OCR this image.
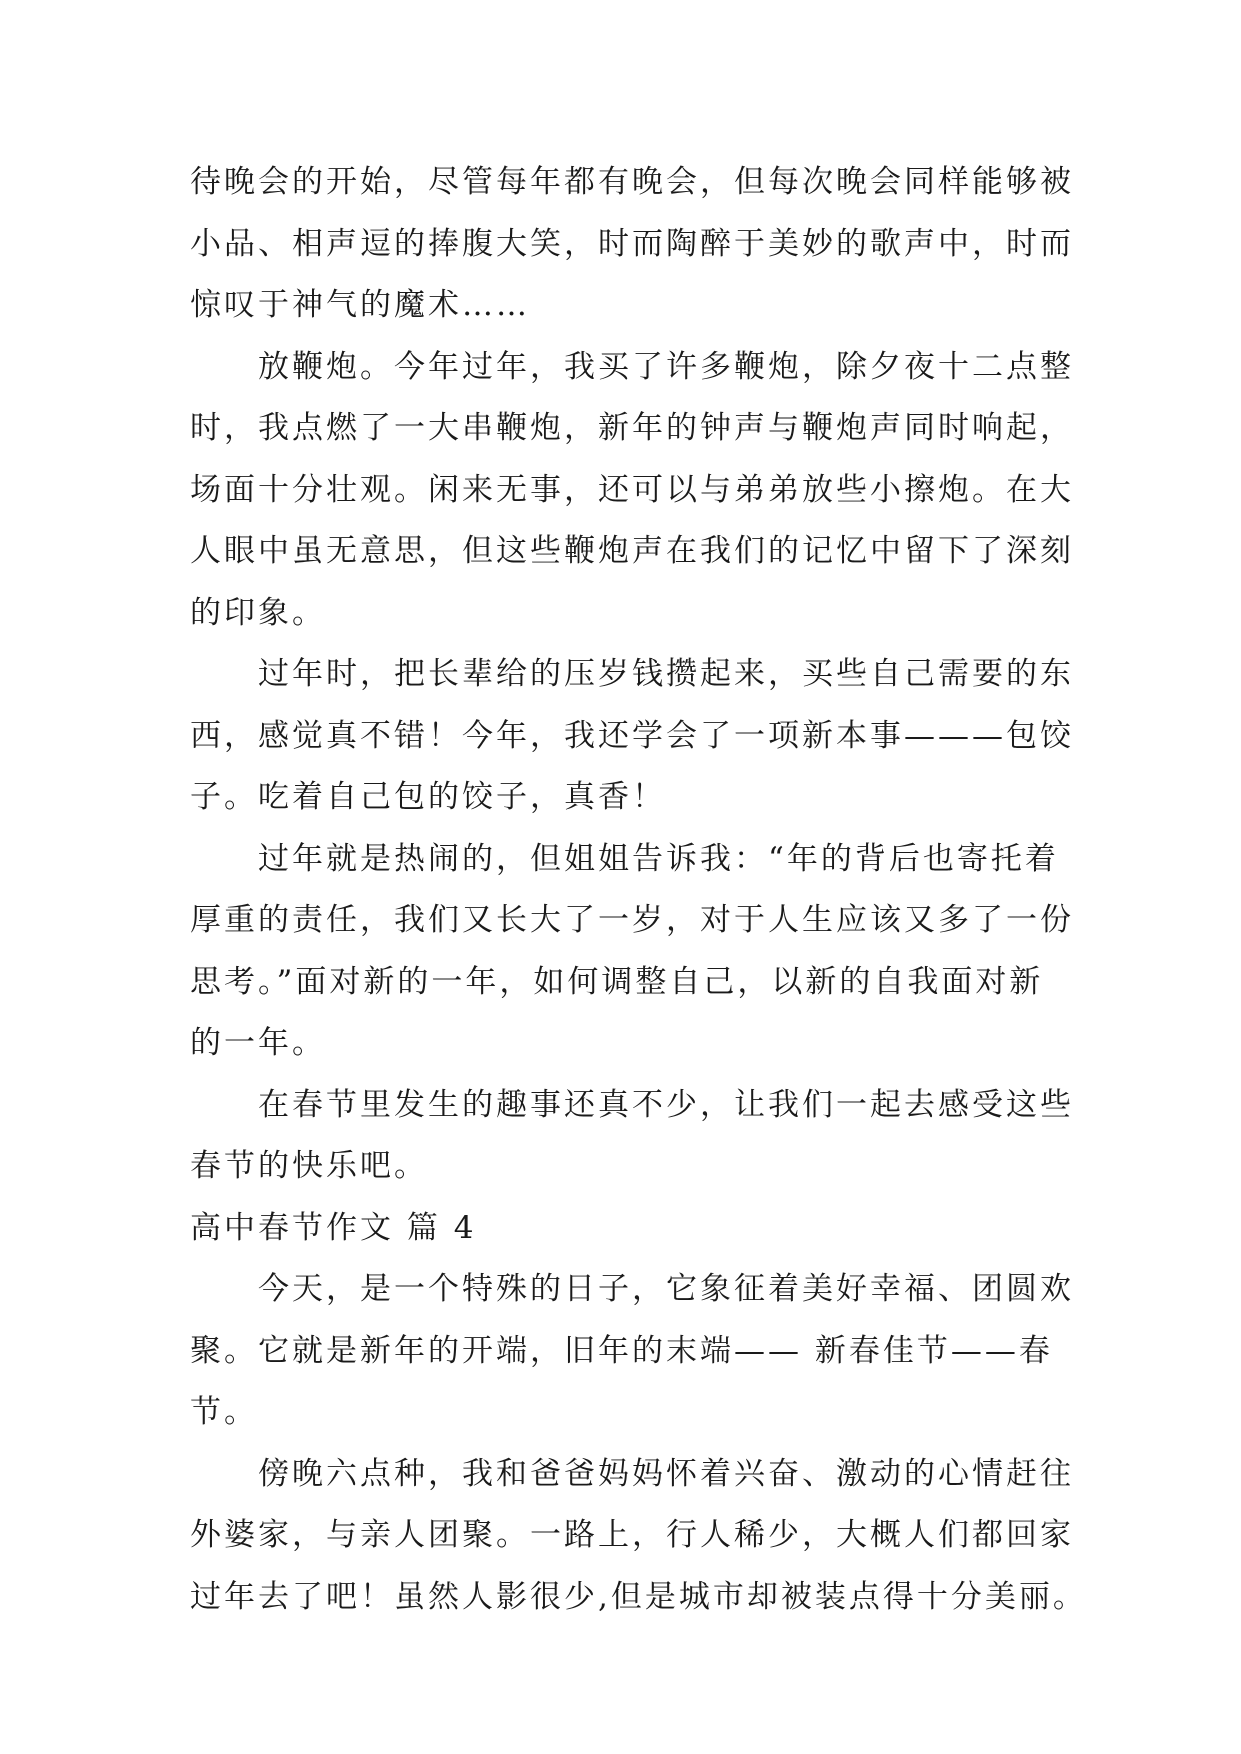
待晚会的开始，尽管每年都有晚会，但每次晚会同样能够被
小品、相声逗的捧腹大笑，时而陶醉于美妙的歌声中，时而
惊叹于神气的魔术……
放鞭炮。今年过年，我买了许多鞭炮，除夕夜十二点整
时，我点燃了一大串鞭炮，新年的钟声与鞭炮声同时响起，
场面十分壮观。闲来无事，还可以与弟弟放些小擦炮。在大
人眼中虽无意思，但这些鞭炮声在我们的记忆中留下了深刻
的印象。
过年时，把长辈给的压岁钱攒起来，买些自己需要的东
西，感觉真不错！今年，我还学会了一项新本事———包饺
子。吃着自己包的饺子，真香！
过年就是热闹的，但姐姐告诉我：“年的背后也寄托着
厚重的责任，我们又长大了一岁，对于人生应该又多了一份
思考。”面对新的一年，如何调整自己，以新的自我面对新
的一年。
在春节里发生的趣事还真不少，让我们一起去感受这些
春节的快乐吧。
高中春节作文 篇 4
今天，是一个特殊的日子，它象征着美好幸福、团圆欢
聚。它就是新年的开端，旧年的末端—— 新春佳节——春
节。
傍晚六点种，我和爸爸妈妈怀着兴奋、激动的心情赶往
外婆家，与亲人团聚。一路上，行人稀少，大概人们都回家
过年去了吧！虽然人影很少,但是城市却被装点得十分美丽。
